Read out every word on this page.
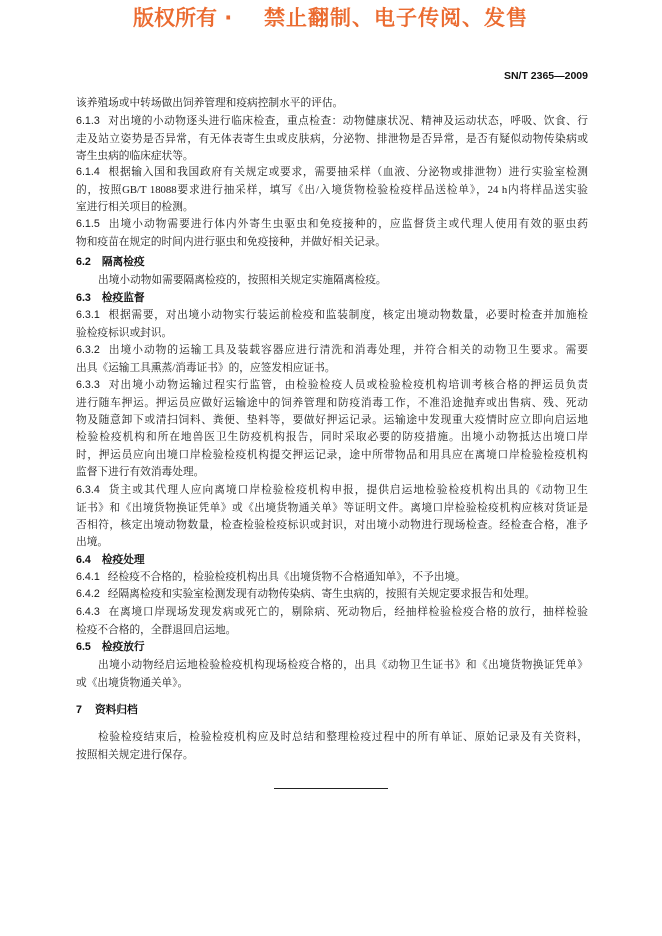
版权所有 · 禁止翻制、电子传阅、发售
SN/T 2365—2009
该养殖场或中转场做出饲养管理和疫病控制水平的评估。
6.1.3 对出境的小动物逐头进行临床检查，重点检查：动物健康状况、精神及运动状态，呼吸、饮食、行
走及站立姿势是否异常，有无体表寄生虫或皮肤病，分泌物、排泄物是否异常，是否有疑似动物传染病或
寄生虫病的临床症状等。
6.1.4 根据输入国和我国政府有关规定或要求，需要抽采样（血液、分泌物或排泄物）进行实验室检测
的，按照GB/T 18088要求进行抽采样，填写《出/入境货物检验检疫样品送检单》，24 h内将样品送实验
室进行相关项目的检测。
6.1.5 出境小动物需要进行体内外寄生虫驱虫和免疫接种的，应监督货主或代理人使用有效的驱虫药
物和疫苗在规定的时间内进行驱虫和免疫接种，并做好相关记录。
6.2 隔离检疫
出境小动物如需要隔离检疫的，按照相关规定实施隔离检疫。
6.3 检疫监督
6.3.1 根据需要，对出境小动物实行装运前检疫和监装制度，核定出境动物数量，必要时检查并加施检
验检疫标识或封识。
6.3.2 出境小动物的运输工具及装载容器应进行清洗和消毒处理，并符合相关的动物卫生要求。需要
出具《运输工具熏蒸/消毒证书》的，应签发相应证书。
6.3.3 对出境小动物运输过程实行监管，由检验检疫人员或检验检疫机构培训考核合格的押运员负责
进行随车押运。押运员应做好运输途中的饲养管理和防疫消毒工作，不准沿途抛弃或出售病、残、死动
物及随意卸下或清扫饲料、粪便、垫料等，要做好押运记录。运输途中发现重大疫情时应立即向启运地
检验检疫机构和所在地兽医卫生防疫机构报告，同时采取必要的防疫措施。出境小动物抵达出境口岸
时，押运员应向出境口岸检验检疫机构提交押运记录，途中所带物品和用具应在离境口岸检验检疫机构
监督下进行有效消毒处理。
6.3.4 货主或其代理人应向离境口岸检验检疫机构申报，提供启运地检验检疫机构出具的《动物卫生
证书》和《出境货物换证凭单》或《出境货物通关单》等证明文件。离境口岸检验检疫机构应核对货证是
否相符，核定出境动物数量，检查检验检疫标识或封识，对出境小动物进行现场检查。经检查合格，准予
出境。
6.4 检疫处理
6.4.1 经检疫不合格的，检验检疫机构出具《出境货物不合格通知单》，不予出境。
6.4.2 经隔离检疫和实验室检测发现有动物传染病、寄生虫病的，按照有关规定要求报告和处理。
6.4.3 在离境口岸现场发现发病或死亡的，剔除病、死动物后，经抽样检验检疫合格的放行，抽样检验
检疫不合格的，全群退回启运地。
6.5 检疫放行
出境小动物经启运地检验检疫机构现场检疫合格的，出具《动物卫生证书》和《出境货物换证凭单》
或《出境货物通关单》。
7 资料归档
检验检疫结束后，检验检疫机构应及时总结和整理检疫过程中的所有单证、原始记录及有关资料，
按照相关规定进行保存。
